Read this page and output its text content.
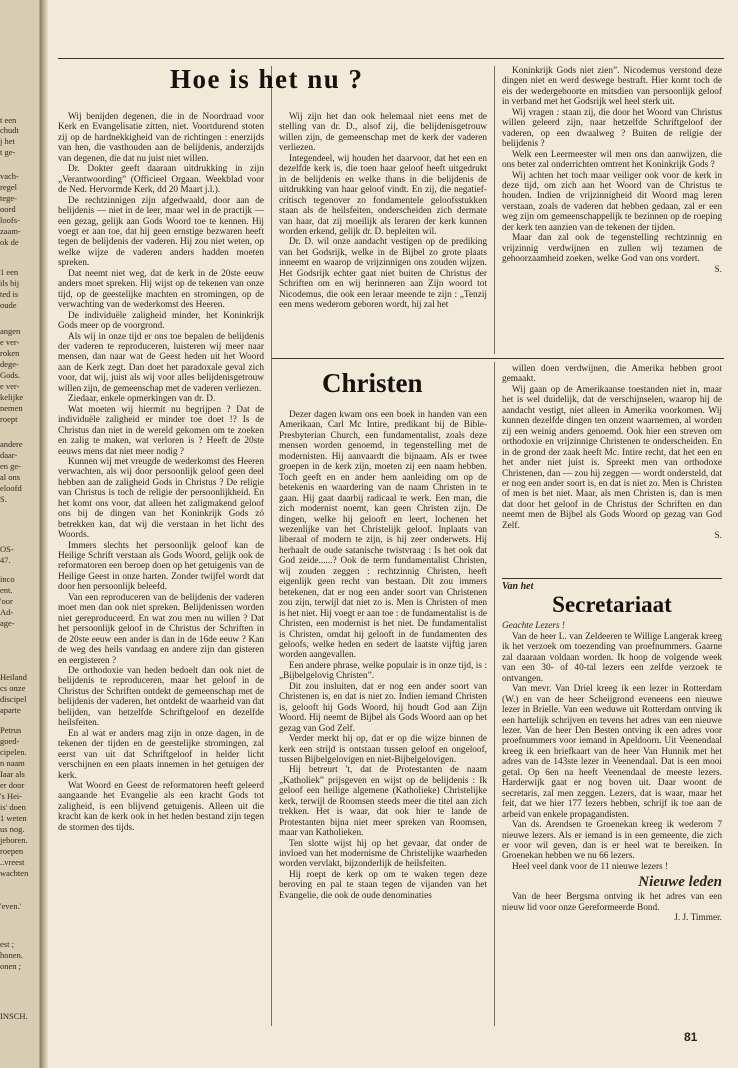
t een
chudt
j het
t ge-
vach-
regel
tege-
oord
loofs-
zaam-
ok de
1 een
ils bij
ted is
oude
angen
e ver-
roken
dege-
Gods.
e ver-
kelijke
nemen
roept
andere
daar-
en ge-
al ons
eloofd
S.
OS-
47.
inco
ent.
'oor
Ad-
age-
Heiland
cs onze
discipel
aparte
Petrus
goed-
cipelen.
n naam
Iaar als
er door
's Hei-
is' doen
1 weten
us nog.
jeboren.
roepen
..vreest
wachten
'even.'
est ;
honen.
onen ;
INSCH.
Hoe is het nu ?

Wij benijden degenen, die in de Noordraad voor Kerk en Evangelisatie zitten, niet. Voortdurend stoten zij op de hardnekkigheid van de richtingen : enerzijds van hen, die vasthouden aan de belijdenis, anderzijds van degenen, die dat nu juist niet willen.

Dr. Dokter geeft daaraan uitdrukking in zijn „Verantwoording” (Officieel Orgaan. Weekblad voor de Ned. Hervormde Kerk, dd 20 Maart j.l.).

De rechtzinnigen zijn afgedwaald, door aan de belijdenis — niet in de leer, maar wel in de practijk — een gezag, gelijk aan Gods Woord toe te kennen. Hij voegt er aan toe, dat hij geen ernstige bezwaren heeft tegen de belijdenis der vaderen. Hij zou niet weten, op welke wijze de vaderen anders hadden moeten spreken.

Dat neemt niet weg, dat de kerk in de 20ste eeuw anders moet spreken. Hij wijst op de tekenen van onze tijd, op de geestelijke machten en stromingen, op de verwachting van de wederkomst des Heeren.

De individuële zaligheid minder, het Koninkrijk Gods meer op de voorgrond.

Als wij in onze tijd er ons toe bepalen de belijdenis der vaderen te reproduceren, luisteren wij meer naar mensen, dan naar wat de Geest heden uit het Woord aan de Kerk zegt. Dan doet het paradoxale geval zich voor, dat wij, juist als wij voor alles belijdenisgetrouw willen zijn, de gemeenschap met de vaderen verliezen.

Ziedaar, enkele opmerkingen van dr. D.

Wat moeten wij hiermit nu begrijpen ? Dat de individuële zaligheid er minder toe doet !? Is de Christus dan niet in de wereld gekomen om te zoeken en zalig te maken, wat verloren is ? Heeft de 20ste eeuws mens dat niet meer nodig ?

Kunnen wij met vreugde de wederkomst des Heeren verwachten, als wij door persoonlijk geloof geen deel hebben aan de zaligheid Gods in Christus ? De religie van Christus is toch de religie der persoonlijkheid. En het komt ons voor, dat alleen het zaligmakend geloof ons bij de dingen van het Koninkrijk Gods zó betrekken kan, dat wij die verstaan in het licht des Woords.

Immers slechts het persoonlijk geloof kan de Heilige Schrift verstaan als Gods Woord, gelijk ook de reformatoren een beroep doen op het getuigenis van de Heilige Geest in onze harten. Zonder twijfel wordt dat door hen persoonlijk beleefd.

Van een reproduceren van de belijdenis der vaderen moet men dan ook niet spreken. Belijdenissen worden niet gereproduceerd. En wat zou men nu willen ? Dat het persoonlijk geloof in de Christus der Schriften in de 20ste eeuw een ander is dan in de 16de eeuw ? Kan de weg des heils vandaag en andere zijn dan gisteren en eergisteren ?

De orthodoxie van heden bedoelt dan ook niet de belijdenis te reproduceren, maar het geloof in de Christus der Schriften ontdekt de gemeenschap met de belijdenis der vaderen, het ontdekt de waarheid van dat belijden, van hetzelfde Schriftgeloof en dezelfde heilsfeiten.

En al wat er anders mag zijn in onze dagen, in de tekenen der tijden en de geestelijke stromingen, zal eerst van uit dat Schriftgeloof in helder licht verschijnen en een plaats innemen in het getuigen der kerk.

Wat Woord en Geest de reformatoren heeft geleerd aangaande het Evangelie als een kracht Gods tot zaligheid, is een blijvend getuigenis. Alleen uit die kracht kan de kerk ook in het heden bestand zijn tegen de stormen des tijds.

Wij zijn het dan ook helemaal niet eens met de stelling van dr. D., alsof zij, die belijdenisgetrouw willen zijn, de gemeenschap met de kerk der vaderen verliezen.

Integendeel, wij houden het daarvoor, dat het een en dezelfde kerk is, die toen haar geloof heeft uitgedrukt in de belijdenis en welke thans in die belijdenis de uitdrukking van haar geloof vindt. En zij, die negatief-critisch tegenover zo fondamentele geloofsstukken staan als de heilsfeiten, onderscheiden zich dermate van haar, dat zij moeilijk als leraren der kerk kunnen worden erkend, gelijk dr. D. bepleiten wil.

Dr. D. wil onze aandacht vestigen op de prediking van het Godsrijk, welke in de Bijbel zo grote plaats inneemt en waarop de vrijzinnigen ons zouden wijzen. Het Godsrijk echter gaat niet buiten de Christus der Schriften om en wij herinneren aan Zijn woord tot Nicodemus, die ook een leraar meende te zijn : „Tenzij een mens wederom geboren wordt, hij zal het

Koninkrijk Gods niet zien”. Nicodemus verstond deze dingen niet en werd deswege bestraft. Hier komt toch de eis der wedergeboorte en mitsdien van persoonlijk geloof in verband met het Godsrijk wel heel sterk uit.

Wij vragen : staan zij, die door het Woord van Christus willen geleerd zijn, naar hetzelfde Schriftgeloof der vaderen, op een dwaalweg ? Buiten de religie der belijdenis ?

Welk een Leermeester wil men ons dan aanwijzen, die ons beter zal onderrichten omtrent het Koninkrijk Gods ?

Wij achten het toch maar veiliger ook voor de kerk in deze tijd, om zich aan het Woord van de Christus te houden. Indien de vrijzinnigheid dit Woord mag leren verstaan, zoals de vaderen dat hebben gedaan, zal er een weg zijn om gemeenschappelijk te bezinnen op de roeping der kerk ten aanzien van de tekenen der tijden.

Maar dan zal ook de tegenstelling rechtzinnig en vrijzinnig verdwijnen en zullen wij tezamen de gehoorzaamheid zoeken, welke God van ons vordert.

S.

Christen

Dezer dagen kwam ons een boek in handen van een Amerikaan, Carl Mc Intire, predikant bij de Bible-Presbyterian Church, een fundamentalist, zoals deze mensen worden genoemd, in tegenstelling met de modernisten. Hij aanvaardt die bijnaam. Als er twee groepen in de kerk zijn, moeten zij een naam hebben. Toch geeft en en ander hem aanleiding om op de betekenis en waardering van de naam Christen in te gaan. Hij gaat daarbij radicaal te werk. Een man, die zich modernist noemt, kan geen Christen zijn. De dingen, welke hij gelooft en leert, lochenen het wezenlijke van het Christelijk geloof. Inplaats van liberaal of modern te zijn, is hij zeer onderwets. Hij herhaalt de oude satanische twistvraag : Is het ook dat God zeide......? Ook de term fundamentalist Christen, wij zouden zeggen : rechtzinnig Christen, heeft eigenlijk geen recht van bestaan. Dit zou immers betekenen, dat er nog een ander soort van Christenen zou zijn, terwijl dat niet zo is. Men is Christen of men is het niet. Hij voegt er aan toe : de fundamentalist is de Christen, een modernist is het niet. De fundamentalist is Christen, omdat hij gelooft in de fundamenten des geloofs, welke heden en sedert de laatste vijftig jaren worden aangevallen.

Een andere phrase, welke populair is in onze tijd, is : „Bijbelgelovig Christen”.

Dit zou insluiten, dat er nog een ander soort van Christenen is, en dat is niet zo. Indien iemand Christen is, gelooft hij Gods Woord, hij houdt God aan Zijn Woord. Hij neemt de Bijbel als Gods Woord aan op het gezag van God Zelf.

Verder merkt hij op, dat er op die wijze binnen de kerk een strijd is ontstaan tussen geloof en ongeloof, tussen Bijbelgelovigen en niet-Bijbelgelovigen.

Hij betreurt 't, dat de Protestanten de naam „Katholiek” prijsgeven en wijst op de belijdenis : Ik geloof een heilige algemene (Katholieke) Christelijke kerk, terwijl de Roomsen steeds meer die titel aan zich trekken. Het is waar, dat ook hier te lande de Protestanten bijna niet meer spreken van Roomsen, maar van Katholieken.

Ten slotte wijst hij op het gevaar, dat onder de invloed van het modernisme de Christelijke waarheden worden vervlakt, bijzonderlijk de heilsfeiten.

Hij roept de kerk op om te waken tegen deze beroving en pal te staan tegen de vijanden van het Evangelie, die ook de oude denominaties

willen doen verdwijnen, die Amerika hebben groot gemaakt.

Wij gaan op de Amerikaanse toestanden niet in, maar het is wel duidelijk, dat de verschijnselen, waarop hij de aandacht vestigt, niet alleen in Amerika voorkomen. Wij kunnen dezelfde dingen ten onzent waarnemen, al worden zij een weinig anders genoemd. Ook hier een streven om orthodoxie en vrijzinnige Christenen te onderscheiden. En in de grond der zaak heeft Mc. Intire recht, dat het een en het ander niet juist is. Spreekt men van orthodoxe Christenen, dan — zou hij zeggen — wordt ondersteld, dat er nog een ander soort is, en dat is niet zo. Men is Christen of men is het niet. Maar, als men Christen is, dan is men dat door het geloof in de Christus der Schriften en dan neemt men de Bijbel als Gods Woord op gezag van God Zelf.

S.

Van het
Secretariaat
Geachte Lezers !

Van de heer L. van Zeldeeren te Willige Langerak kreeg ik het verzoek om toezending van proefnummers. Gaarne zal daaraan voldaan worden. Ik hoop de volgende week van een 30- of 40-tal lezers een zelfde verzoek te ontvangen.

Van mevr. Van Driel kreeg ik een lezer in Rotterdam (W.) en van de heer Scheijgrond eveneens een nieuwe lezer in Brielle. Van een weduwe uit Rotterdam ontving ik een hartelijk schrijven en tevens het adres van een nieuwe lezer. Van de heer Den Besten ontving ik een adres voor proefnummers voor iemand in Apeldoorn. Uit Veenendaal kreeg ik een briefkaart van de heer Van Hunnik met het adres van de 143ste lezer in Veenendaal. Dat is een mooi getal. Op 6en na heeft Veenendaal de meeste lezers. Harderwijk gaat er nog boven uit. Daar woont de secretaris, zal men zeggen. Lezers, dat is waar, maar het feit, dat we hier 177 lezers hebben, schrijf ik toe aan de arbeid van enkele propagandisten.

Van ds. Arendsen te Groenekan kreeg ik wederom 7 nieuwe lezers. Als er iemand is in een gemeente, die zich er voor wil geven, dan is er heel wat te bereiken. In Groenekan hebben we nu 66 lezers.

Heel veel dank voor de 11 nieuwe lezers !

Nieuwe leden

Van de heer Bergsma ontving ik het adres van een nieuw lid voor onze Gereformeerde Bond.

J. J. Timmer.

81
